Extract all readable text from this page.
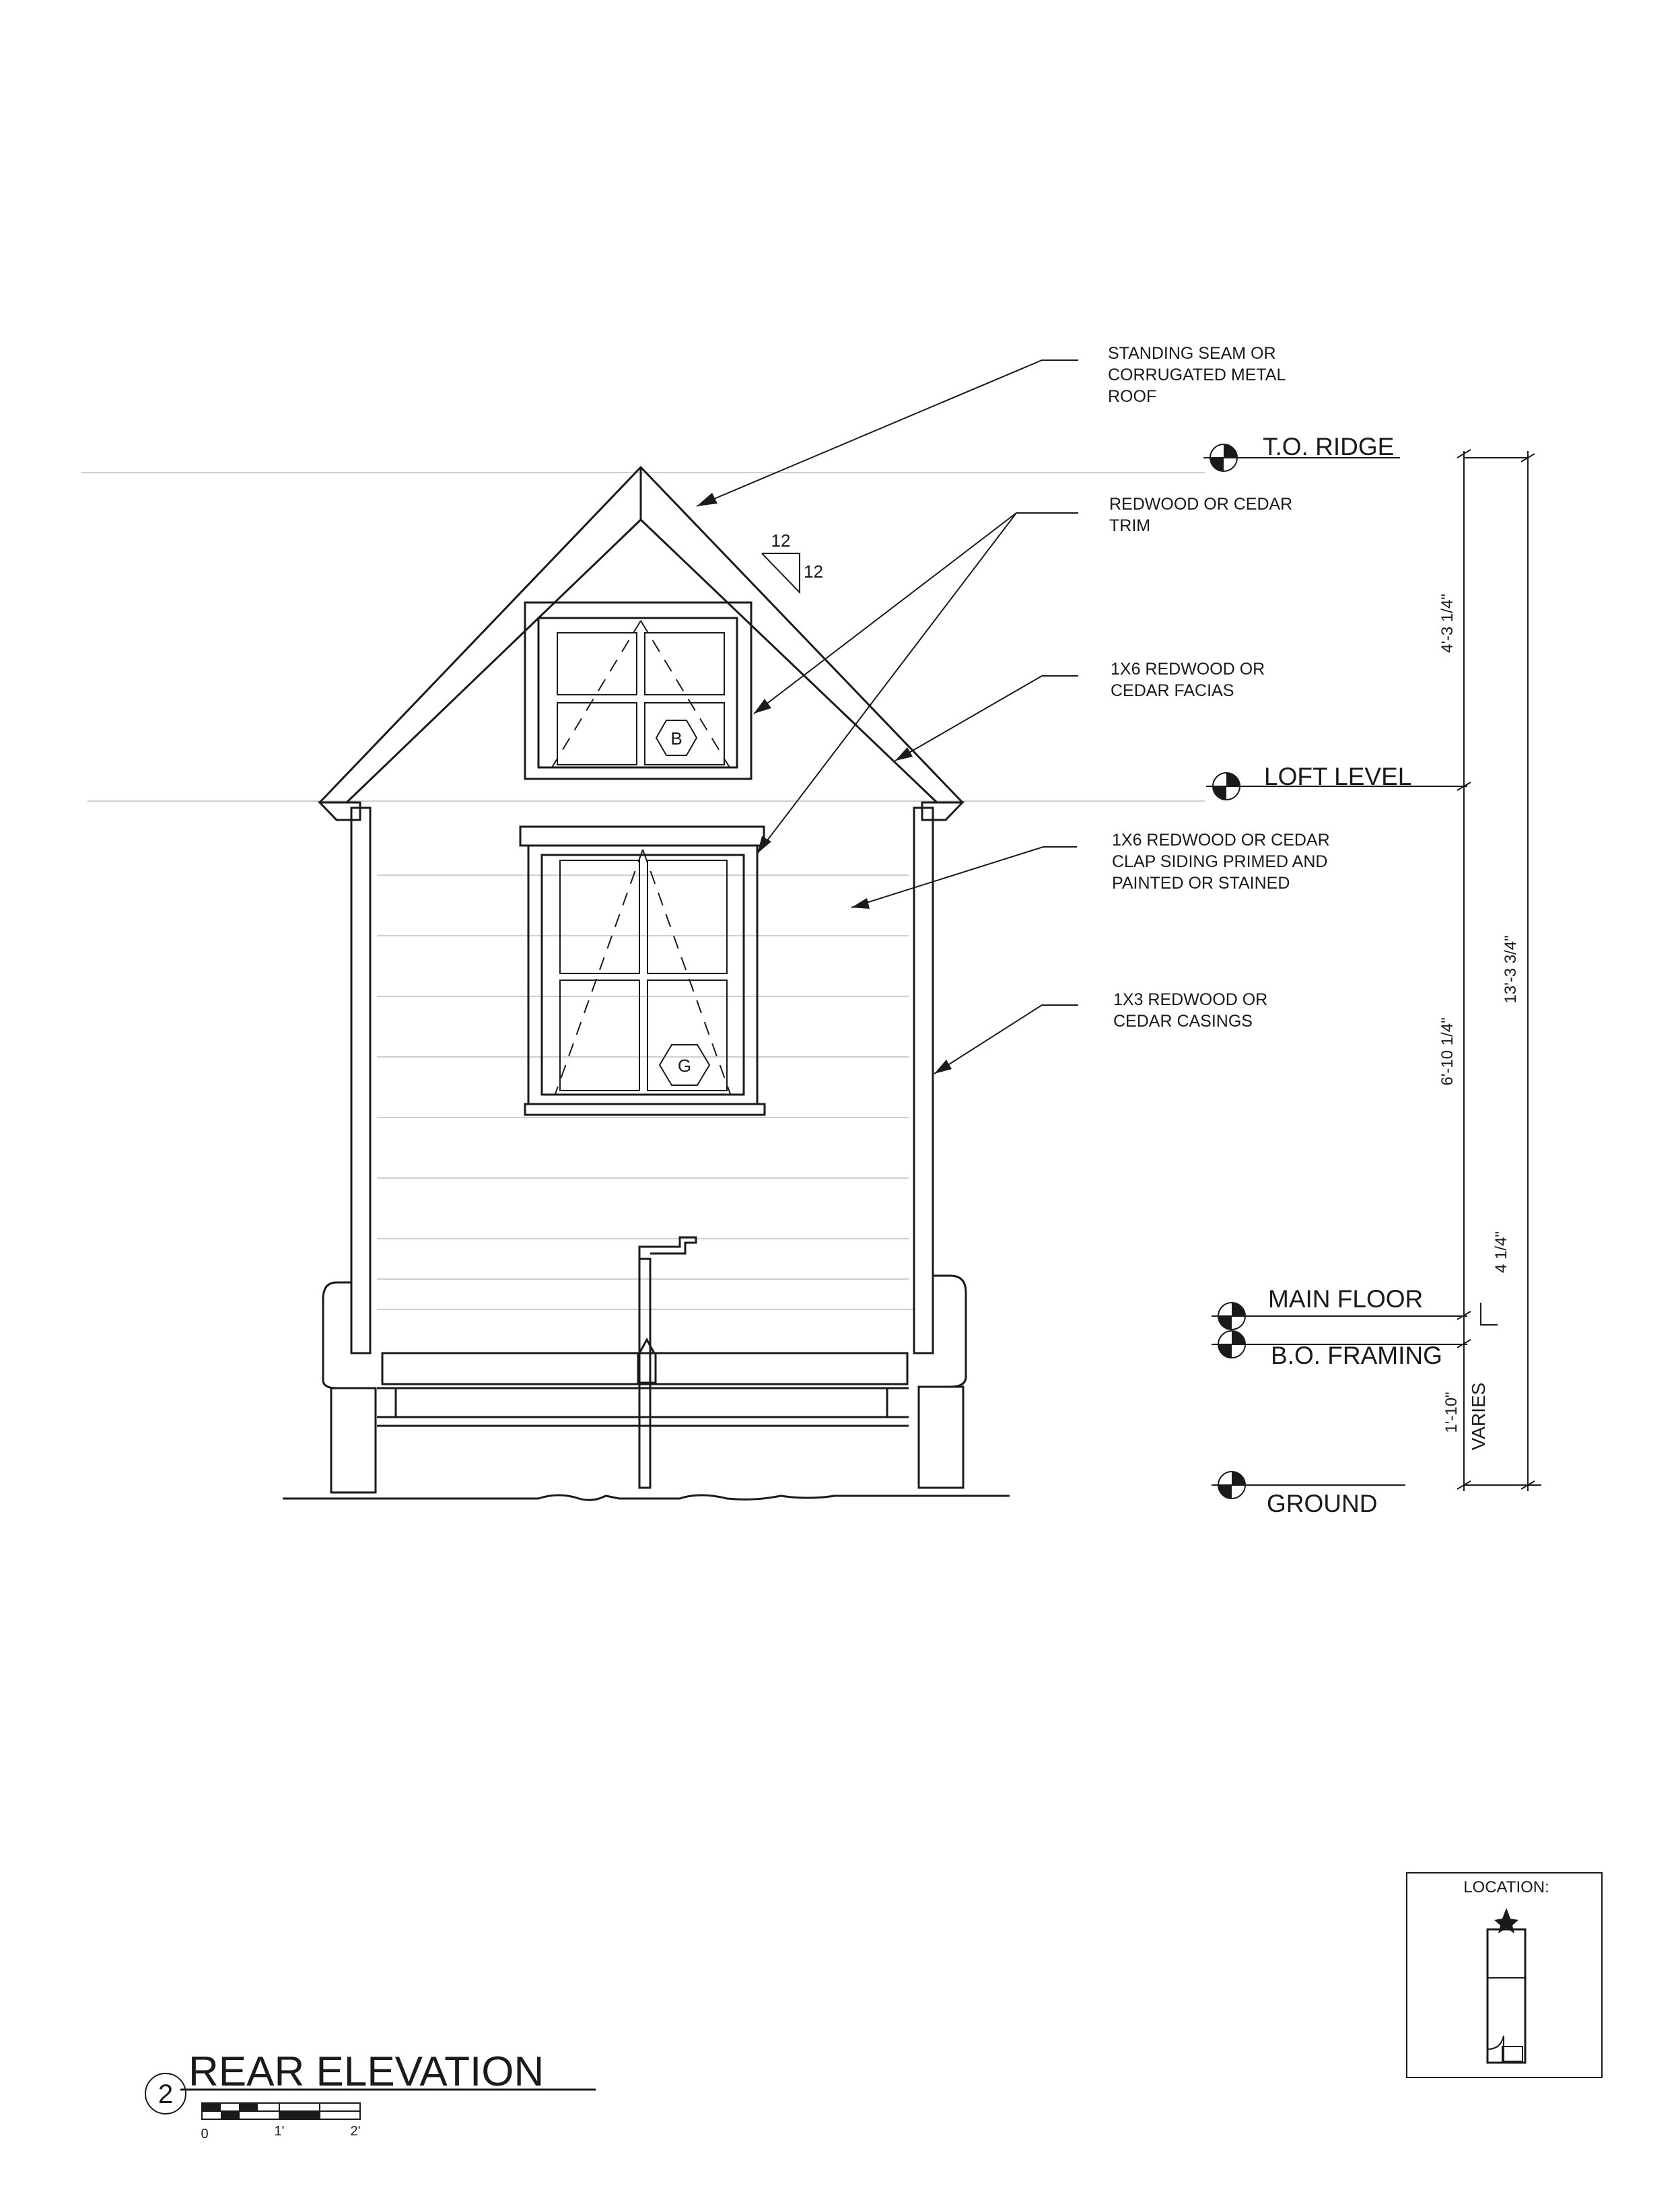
B
G
12
12
STANDING SEAM OR
CORRUGATED METAL
ROOF
REDWOOD OR CEDAR
TRIM
1X6 REDWOOD OR
CEDAR FACIAS
1X6 REDWOOD OR CEDAR
CLAP SIDING PRIMED AND
PAINTED OR STAINED
1X3 REDWOOD OR
CEDAR CASINGS
T.O. RIDGE
LOFT LEVEL
MAIN FLOOR
B.O. FRAMING
GROUND
4'-3 1/4"
6'-10 1/4"
4 1/4"
1'-10" VARIES
13'-3 3/4"
2 REAR ELEVATION
0	1'	2'
LOCATION:
